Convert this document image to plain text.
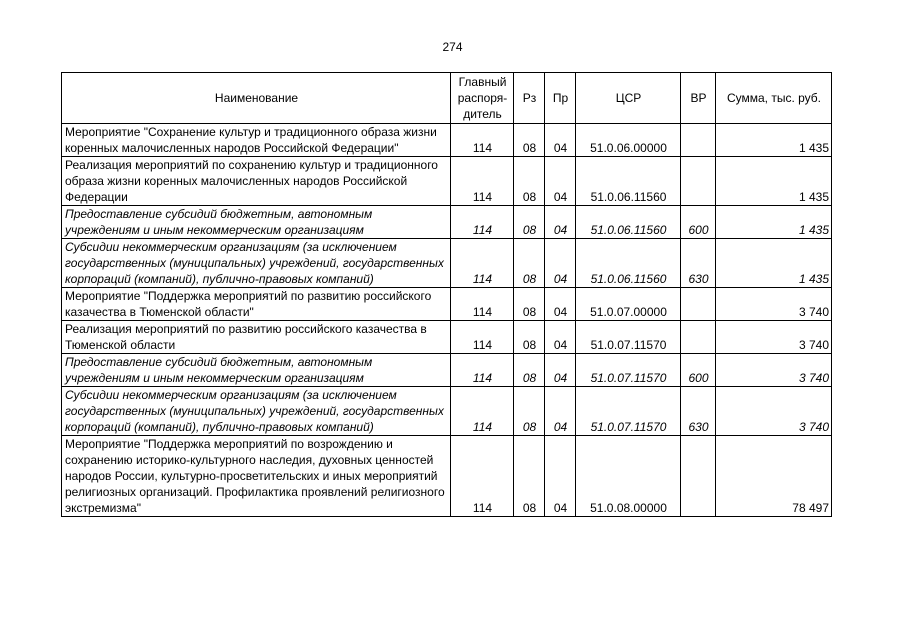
274
Наименование	Главный распоря-дитель	Рз	Пр	ЦСР	ВР	Сумма, тыс. руб.
Мероприятие "Сохранение культур и традиционного образа жизни коренных малочисленных народов Российской Федерации"	114	08	04	51.0.06.00000		1 435
Реализация мероприятий по сохранению культур и традиционного образа жизни коренных малочисленных народов Российской Федерации	114	08	04	51.0.06.11560		1 435
Предоставление субсидий бюджетным, автономным учреждениям и иным некоммерческим организациям	114	08	04	51.0.06.11560	600	1 435
Субсидии некоммерческим организациям (за исключением государственных (муниципальных) учреждений, государственных корпораций (компаний), публично-правовых компаний)	114	08	04	51.0.06.11560	630	1 435
Мероприятие "Поддержка мероприятий по развитию российского казачества в Тюменской области"	114	08	04	51.0.07.00000		3 740
Реализация мероприятий по развитию российского казачества в Тюменской области	114	08	04	51.0.07.11570		3 740
Предоставление субсидий бюджетным, автономным учреждениям и иным некоммерческим организациям	114	08	04	51.0.07.11570	600	3 740
Субсидии некоммерческим организациям (за исключением государственных (муниципальных) учреждений, государственных корпораций (компаний), публично-правовых компаний)	114	08	04	51.0.07.11570	630	3 740
Мероприятие "Поддержка мероприятий по возрождению и сохранению историко-культурного наследия, духовных ценностей народов России, культурно-просветительских и иных мероприятий религиозных организаций. Профилактика проявлений религиозного экстремизма"	114	08	04	51.0.08.00000		78 497
